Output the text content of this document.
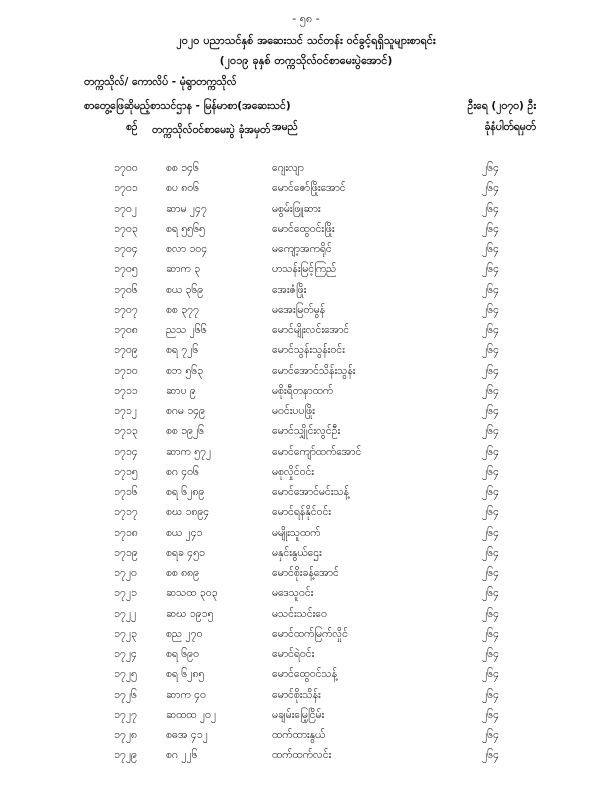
- ၅၈ -
၂၀၂၀ ပညာသင်နှစ် အဆေးသင် သင်တန်း ဝင်ခွင့်ရရှိသူများစာရင်း
(၂၀၁၉ ခုနှစ် တက္ကသိုလ်ဝင်စာမေးပွဲအောင်)
တက္ကသိုလ်/ ကောလိပ် - မုံရွာတက္ကသိုလ်
စာတွေ့ဖြေဆိုမည့်စာသင်ဌာန - မြန်မာစာ(အဆေးသင်)	ဦးရေ (၂၀၇၀) ဦး
စဉ် တက္ကသိုလ်ဝင်စာမေးပွဲ ခုံအမှတ် အမည်	ခုံနံပါတ်ရမှတ်
၁၇၀၀	စစ ၁၄၆	ဂျေးလျာ	၂၆၄
၁၇၀၁	စပ ၈၀၆	မောင်ဇော်ဖြိုးအောင်	၂၆၄
၁၇၀၂	ဆာမ ၂၄၇	မစွမ်းဖြူဆား	၂၆၄
၁၇၀၃	စရ ၅၅၆၅	မောင်ထွေဝင်းဖြိုး	၂၆၄
၁၇၀၄	စလာ ၁၀၄	မကျော့အကရိုင်	၂၆၄
၁၇၀၅	ဆာက ၃	ဟသန်းမြင့်ကြည်	၂၆၄
၁၇၀၆	စယ ၃၆၉	အေးဇံဖြိုး	၂၆၄
၁၇၀၇	စစ ၃၇၇	မအေးမြတ်မွန်	၂၆၄
၁၇၀၈	ညသ ၂၆၆	မောင်မျိုးလင်းအောင်	၂၆၄
၁၇၀၉	စရ ၇၂၆	မောင်သွန်းသွန်းဝင်း	၂၆၄
၁၇၁၀	စဘ ၅၆၃	မောင်အောင်သိန်းသွန်း	၂၆၄
၁၇၁၁	ဆာပ ၉	မစိုးရီတနာထက်	၂၆၄
၁၇၁၂	စဂမ ၁၄၉	မဝင်းပပဖြိုး	၂၆၄
၁၇၁၃	စစ ၁၉၂၆	မောင်သျှိုင်းလွင်ဦး	၂၆၄
၁၇၁၄	ဆာက ၅၇၂	မောင်ကျော်ထက်အောင်	၂၆၄
၁၇၁၅	စဂ ၄၀၆	မစုလှိုင်ဝင်း	၂၆၄
၁၇၁၆	စရ ၆၂၈၉	မောင်အောင်မင်းသန့်	၂၆၄
၁၇၁၇	စဃ ၁၈၉၄	မောင်ရန်နိုင်ဝင်း	၂၆၄
၁၇၁၈	စယ ၂၄၁	မမျိုးသူထက်	၂၆၄
၁၇၁၉	စရခ ၄၅၁	မနှင်းနွယ်ဌေး	၂၆၄
၁၇၂၀	စစ ၈၈၉	မောင်စိုးခန့်အောင်	၂၆၄
၁၇၂၁	ဆသထ ၃၀၃	မဒေသူဝင်း	၂၆၄
၁၇၂၂	ဆဃ ၁၉၁၅	မသင်းသင်းဝေ	၂၆၄
၁၇၂၃	စည ၂၇၀	မောင်ထက်မြက်လှိုင်	၂၆၄
၁၇၂၄	စရ ၆၉၀	မောင်ရဲဝင်း	၂၆၄
၁၇၂၅	စရ ၆၂၈၅	မောင်ထွေဝင်သန့်	၂၆၄
၁၇၂၆	ဆာက ၄၀	မောင်စိုးသိန်း	၂၆၄
၁၇၂၇	ဆထထ ၂၀၂	မချမ်းမြေ့ငြိမ်း	၂၆၄
၁၇၂၈	စဓအ ၄၁၂	ထက်ထားနွယ်	၂၆၄
၁၇၂၉	စဂ ၂၂၆	ထက်ထက်လင်း	၂၆၄
